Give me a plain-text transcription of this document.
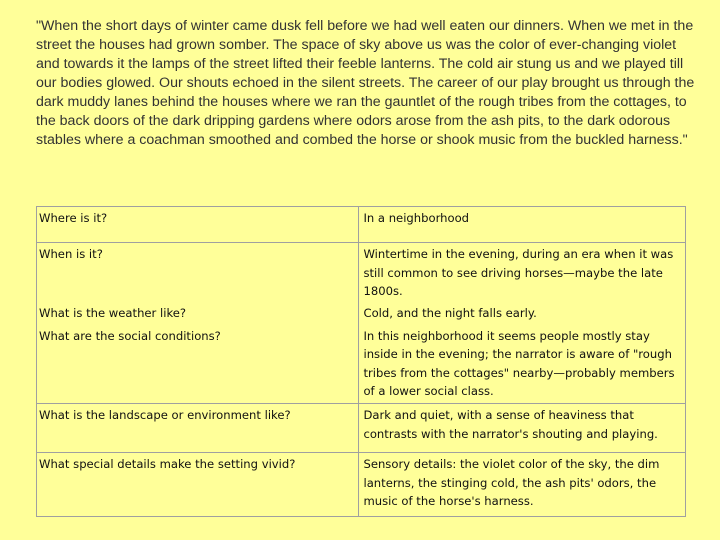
"When the short days of winter came dusk fell before we had well eaten our dinners. When we met in the street the houses had grown somber. The space of sky above us was the color of ever-changing violet and towards it the lamps of the street lifted their feeble lanterns. The cold air stung us and we played till our bodies glowed. Our shouts echoed in the silent streets. The career of our play brought us through the dark muddy lanes behind the houses where we ran the gauntlet of the rough tribes from the cottages, to the back doors of the dark dripping gardens where odors arose from the ash pits, to the dark odorous stables where a coachman smoothed and combed the horse or shook music from the buckled harness."

Where is it?	In a neighborhood
When is it?	Wintertime in the evening, during an era when it was still common to see driving horses—maybe the late 1800s.
What is the weather like?	Cold, and the night falls early.
What are the social conditions?	In this neighborhood it seems people mostly stay inside in the evening; the narrator is aware of "rough tribes from the cottages" nearby—probably members of a lower social class.
What is the landscape or environment like?	Dark and quiet, with a sense of heaviness that contrasts with the narrator's shouting and playing.
What special details make the setting vivid?	Sensory details: the violet color of the sky, the dim lanterns, the stinging cold, the ash pits' odors, the music of the horse's harness.
